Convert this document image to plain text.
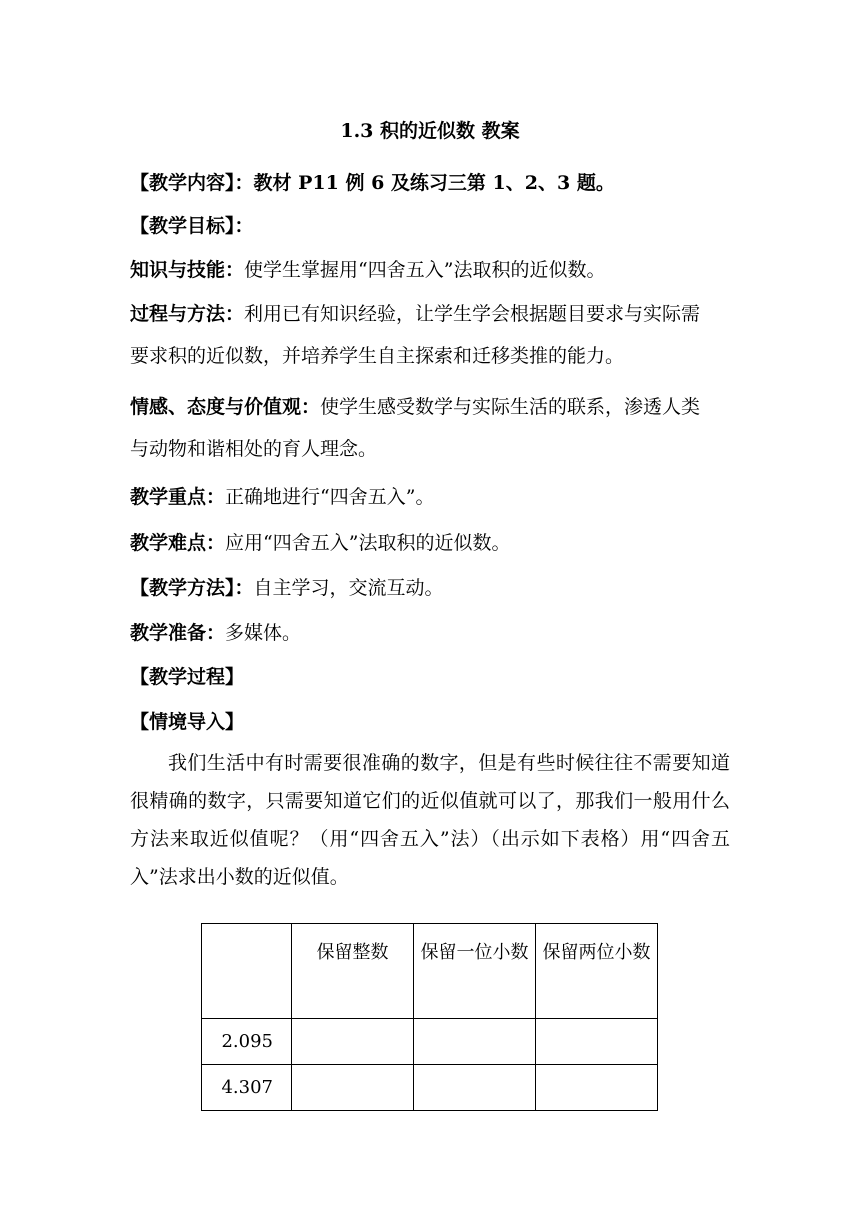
1.3 积的近似数 教案
【教学内容】：教材 P11 例 6 及练习三第 1、2、3 题。
【教学目标】：
知识与技能：使学生掌握用“四舍五入”法取积的近似数。
过程与方法：利用已有知识经验，让学生学会根据题目要求与实际需
要求积的近似数，并培养学生自主探索和迁移类推的能力。
情感、态度与价值观：使学生感受数学与实际生活的联系，渗透人类
与动物和谐相处的育人理念。
教学重点：正确地进行“四舍五入”。
教学难点：应用“四舍五入”法取积的近似数。
【教学方法】：自主学习，交流互动。
教学准备：多媒体。
【教学过程】
【情境导入】
我们生活中有时需要很准确的数字，但是有些时候往往不需要知道很精确的数字，只需要知道它们的近似值就可以了，那我们一般用什么方法来取近似值呢？（用“四舍五入”法）（出示如下表格）用“四舍五入”法求出小数的近似值。
	保留整数	保留一位小数	保留两位小数
2.095			
4.307			
